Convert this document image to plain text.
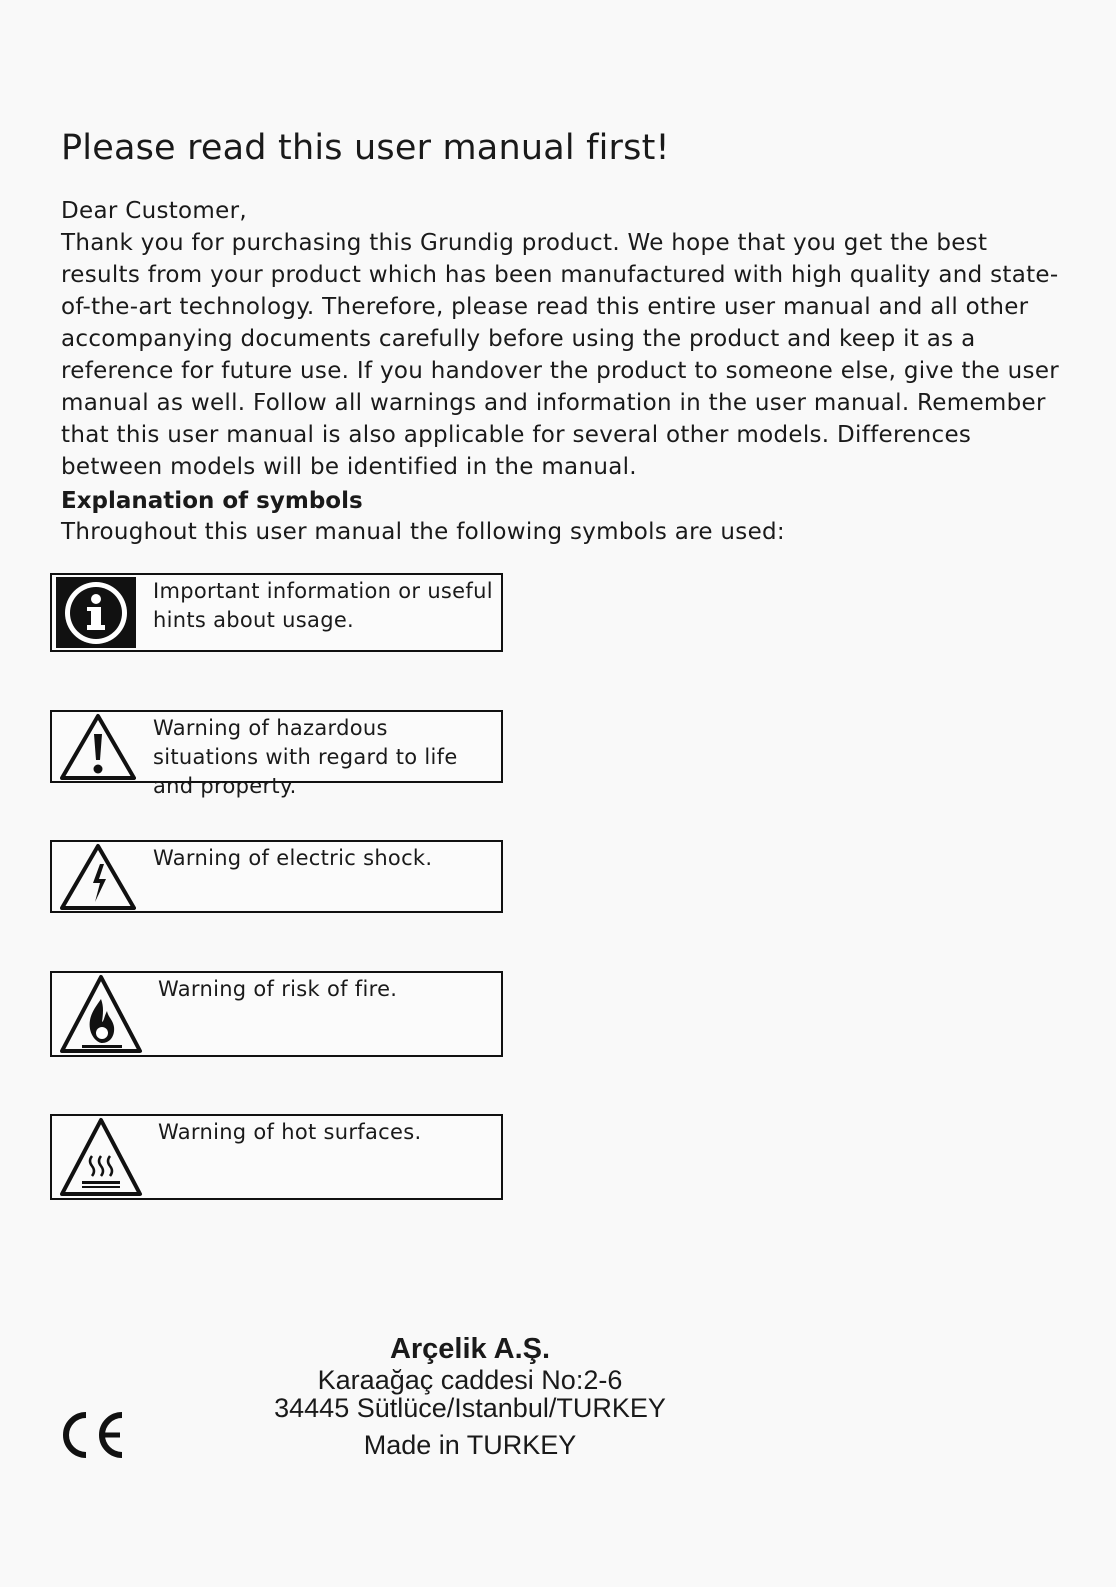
Please read this user manual first!

Dear Customer,

Thank you for purchasing this Grundig product. We hope that you get the best results from your product which has been manufactured with high quality and state-of-the-art technology. Therefore, please read this entire user manual and all other accompanying documents carefully before using the product and keep it as a reference for future use. If you handover the product to someone else, give the user manual as well. Follow all warnings and information in the user manual. Remember that this user manual is also applicable for several other models. Differences between models will be identified in the manual.

Explanation of symbols

Throughout this user manual the following symbols are used:

Important information or useful hints about usage.
Warning of hazardous situations with regard to life and property.
Warning of electric shock.
Warning of risk of fire.
Warning of hot surfaces.
Arçelik A.Ş.
Karaağaç caddesi No:2-6
34445 Sütlüce/Istanbul/TURKEY
Made in TURKEY
